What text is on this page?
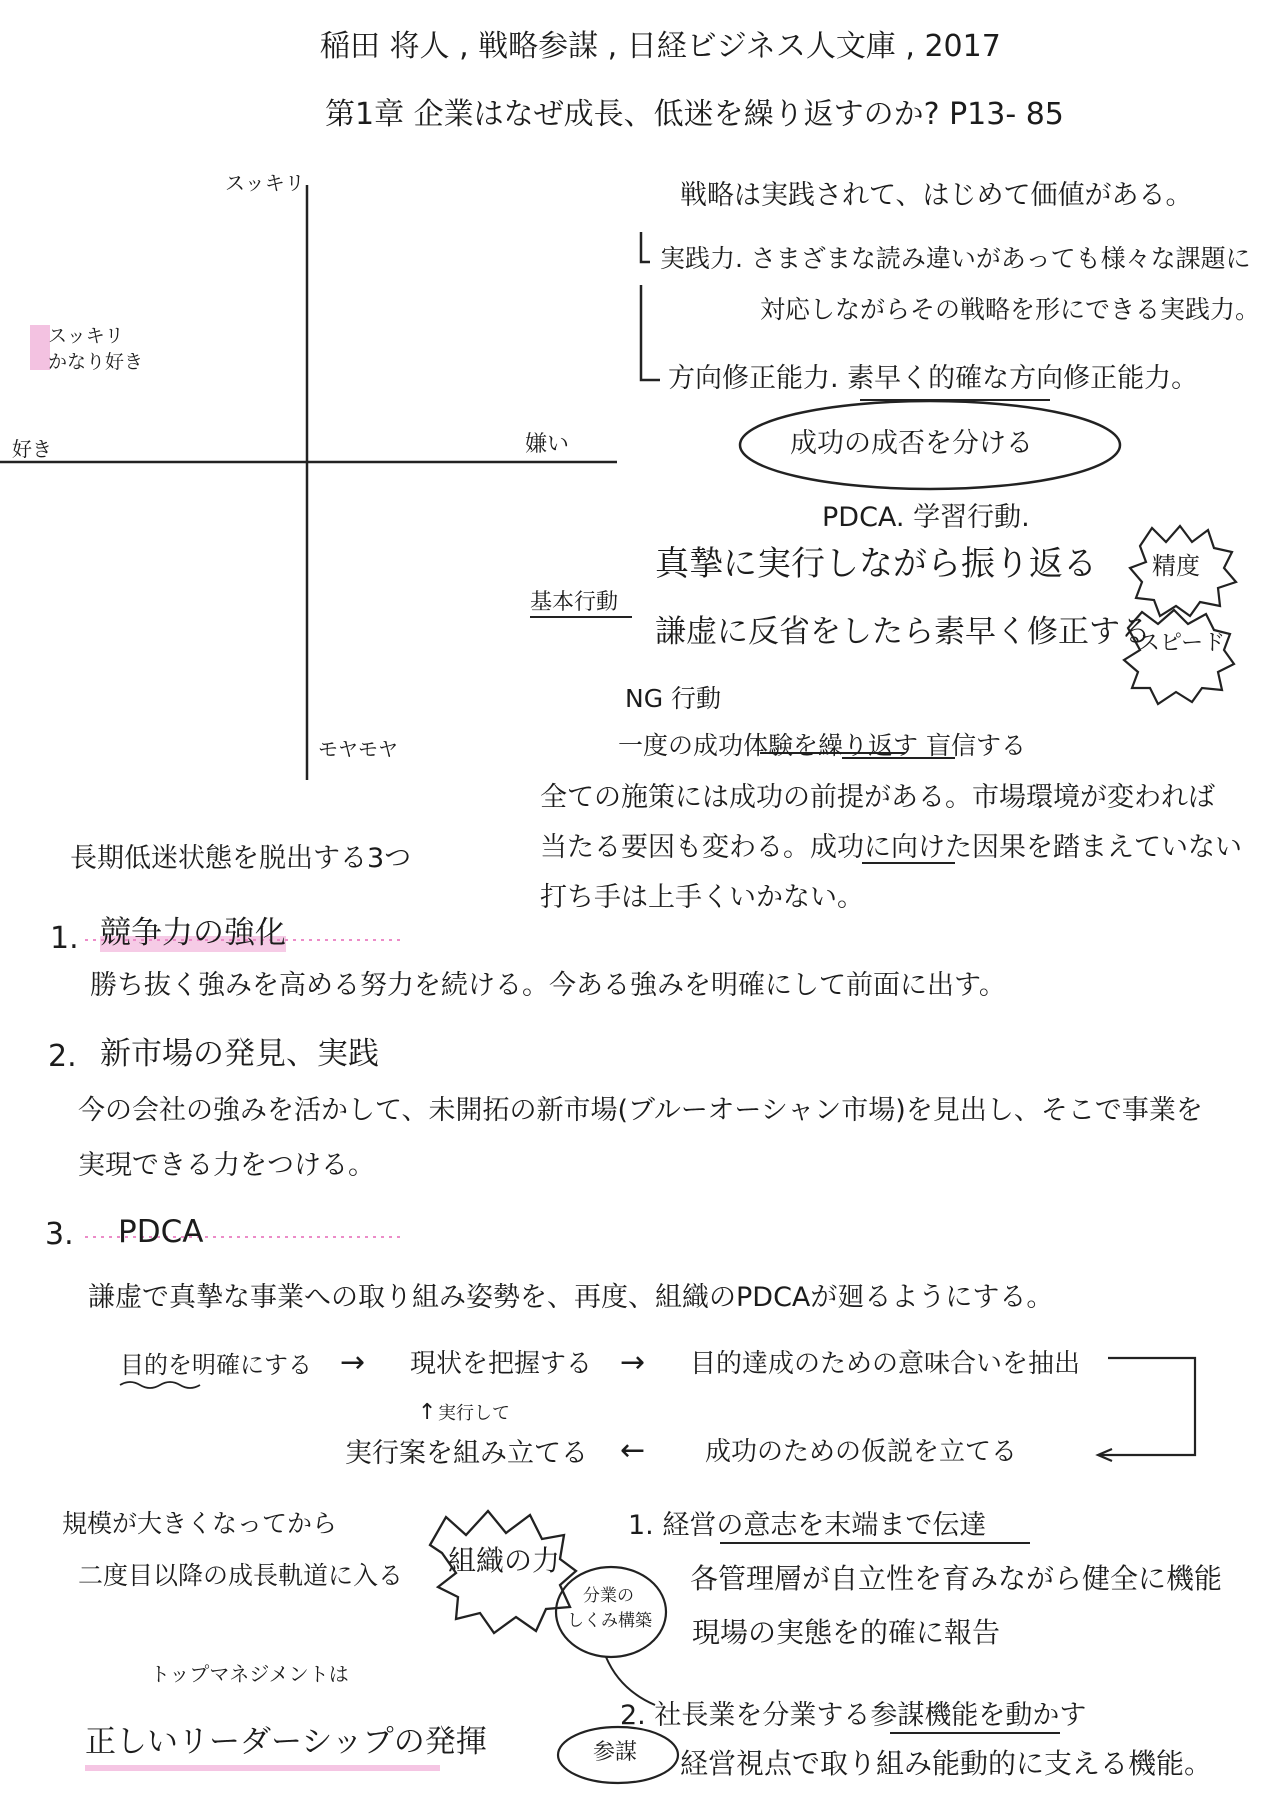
稲田 将人 , 戦略参謀 , 日経ビジネス人文庫 , 2017
第1章 企業はなぜ成長、低迷を繰り返すのか? P13- 85
スッキリ
モヤモヤ
好き	嫌い
スッキリ
かなり好き
戦略は実践されて、はじめて価値がある。
実践力. さまざまな読み違いがあっても様々な課題に
対応しながらその戦略を形にできる実践力。
方向修正能力. 素早く的確な方向修正能力。
成功の成否を分ける
PDCA. 学習行動.
基本行動
真摯に実行しながら振り返る
謙虚に反省をしたら素早く修正する
精度
スピード
NG 行動
一度の成功体験を繰り返す 盲信する
全ての施策には成功の前提がある。市場環境が変われば
当たる要因も変わる。成功に向けた因果を踏まえていない
打ち手は上手くいかない。
長期低迷状態を脱出する3つ
1. 競争力の強化
勝ち抜く強みを高める努力を続ける。今ある強みを明確にして前面に出す。
2. 新市場の発見、実践
今の会社の強みを活かして、未開拓の新市場(ブルーオーシャン市場)を見出し、そこで事業を
実現できる力をつける。
3. PDCA
謙虚で真摯な事業への取り組み姿勢を、再度、組織のPDCAが廻るようにする。
目的を明確にする → 現状を把握する → 目的達成のための意味合いを抽出
↑ 実行して
実行案を組み立てる ← 成功のための仮説を立てる
規模が大きくなってから
二度目以降の成長軌道に入る 組織の力
分業の
しくみ構築
トップマネジメントは
正しいリーダーシップの発揮
1. 経営の意志を末端まで伝達
各管理層が自立性を育みながら健全に機能
現場の実態を的確に報告
2. 社長業を分業する参謀機能を動かす
参謀 経営視点で取り組み能動的に支える機能。
